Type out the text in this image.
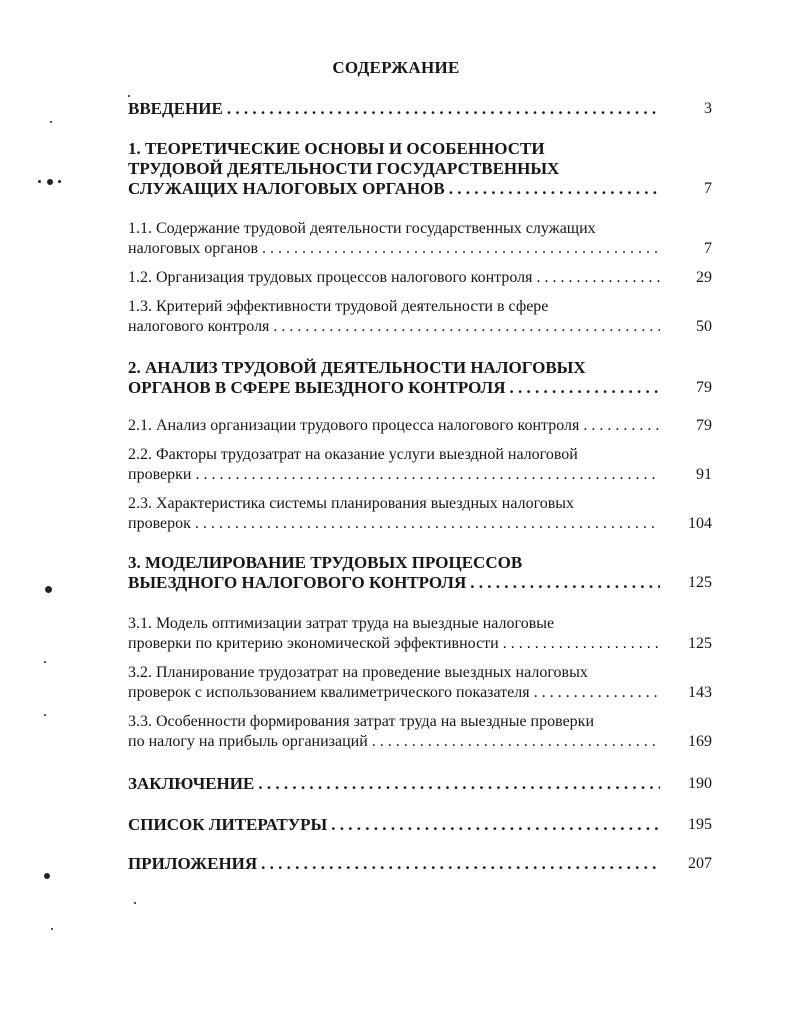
СОДЕРЖАНИЕ
ВВЕДЕНИЕ . . .	3
1. ТЕОРЕТИЧЕСКИЕ ОСНОВЫ И ОСОБЕННОСТИ
ТРУДОВОЙ ДЕЯТЕЛЬНОСТИ ГОСУДАРСТВЕННЫХ
СЛУЖАЩИХ НАЛОГОВЫХ ОРГАНОВ . . .	7
1.1. Содержание трудовой деятельности государственных служащих
налоговых органов . . .	7
1.2. Организация трудовых процессов налогового контроля . . .	29
1.3. Критерий эффективности трудовой деятельности в сфере
налогового контроля . . .	50
2. АНАЛИЗ ТРУДОВОЙ ДЕЯТЕЛЬНОСТИ НАЛОГОВЫХ
ОРГАНОВ В СФЕРЕ ВЫЕЗДНОГО КОНТРОЛЯ . . .	79
2.1. Анализ организации трудового процесса налогового контроля . . .	79
2.2. Факторы трудозатрат на оказание услуги выездной налоговой
проверки . . .	91
2.3. Характеристика системы планирования выездных налоговых
проверок . . .	104
3. МОДЕЛИРОВАНИЕ ТРУДОВЫХ ПРОЦЕССОВ
ВЫЕЗДНОГО НАЛОГОВОГО КОНТРОЛЯ . . .	125
3.1. Модель оптимизации затрат труда на выездные налоговые
проверки по критерию экономической эффективности . . .	125
3.2. Планирование трудозатрат на проведение выездных налоговых
проверок с использованием квалиметрического показателя . . .	143
3.3. Особенности формирования затрат труда на выездные проверки
по налогу на прибыль организаций . . .	169
ЗАКЛЮЧЕНИЕ . . .	190
СПИСОК ЛИТЕРАТУРЫ . . .	195
ПРИЛОЖЕНИЯ . . .	207
